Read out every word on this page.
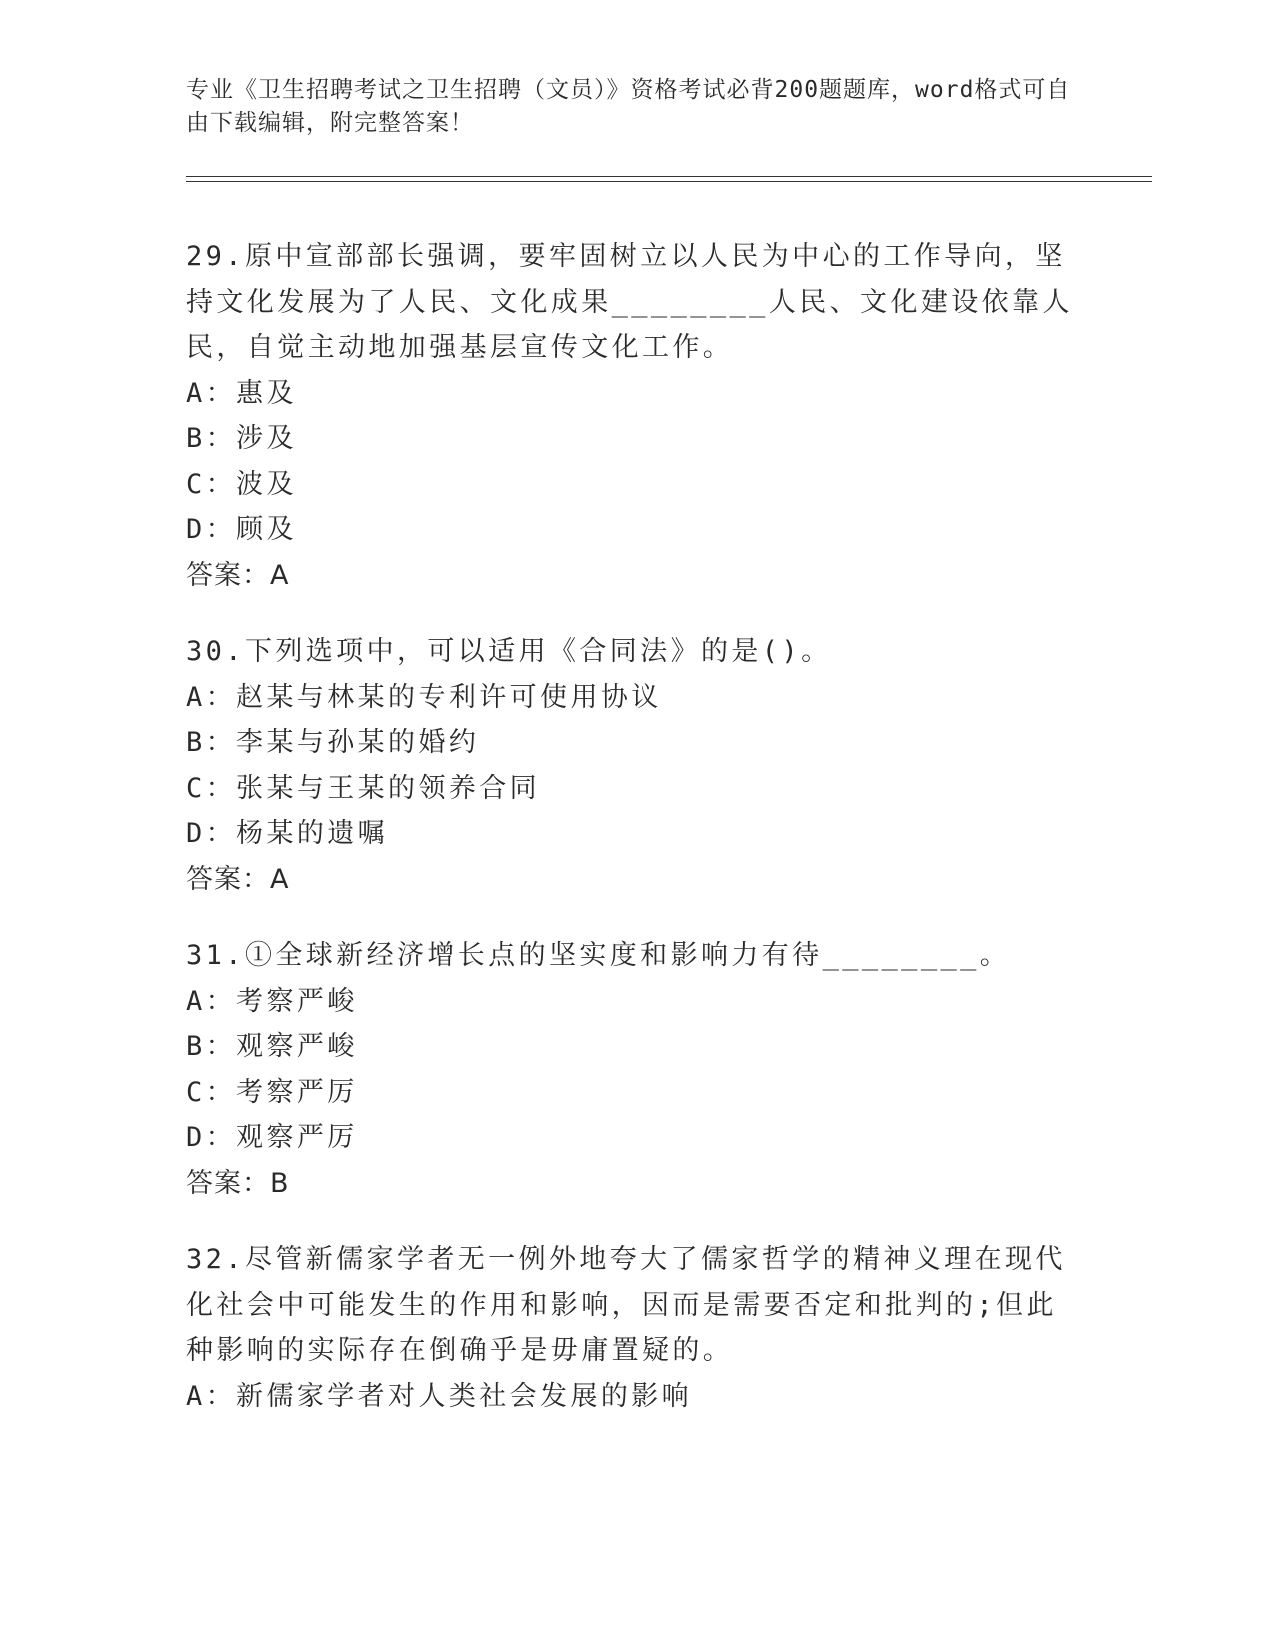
专业《卫生招聘考试之卫生招聘（文员）》资格考试必背200题题库，word格式可自由下载编辑，附完整答案！

29.原中宣部部长强调，要牢固树立以人民为中心的工作导向，坚持文化发展为了人民、文化成果________人民、文化建设依靠人民，自觉主动地加强基层宣传文化工作。

A：惠及

B：涉及

C：波及

D：顾及

答案：A

30.下列选项中，可以适用《合同法》的是()。

A：赵某与林某的专利许可使用协议

B：李某与孙某的婚约

C：张某与王某的领养合同

D：杨某的遗嘱

答案：A

31.①全球新经济增长点的坚实度和影响力有待________。

A：考察严峻

B：观察严峻

C：考察严厉

D：观察严厉

答案：B

32.尽管新儒家学者无一例外地夸大了儒家哲学的精神义理在现代化社会中可能发生的作用和影响，因而是需要否定和批判的;但此种影响的实际存在倒确乎是毋庸置疑的。

A：新儒家学者对人类社会发展的影响
